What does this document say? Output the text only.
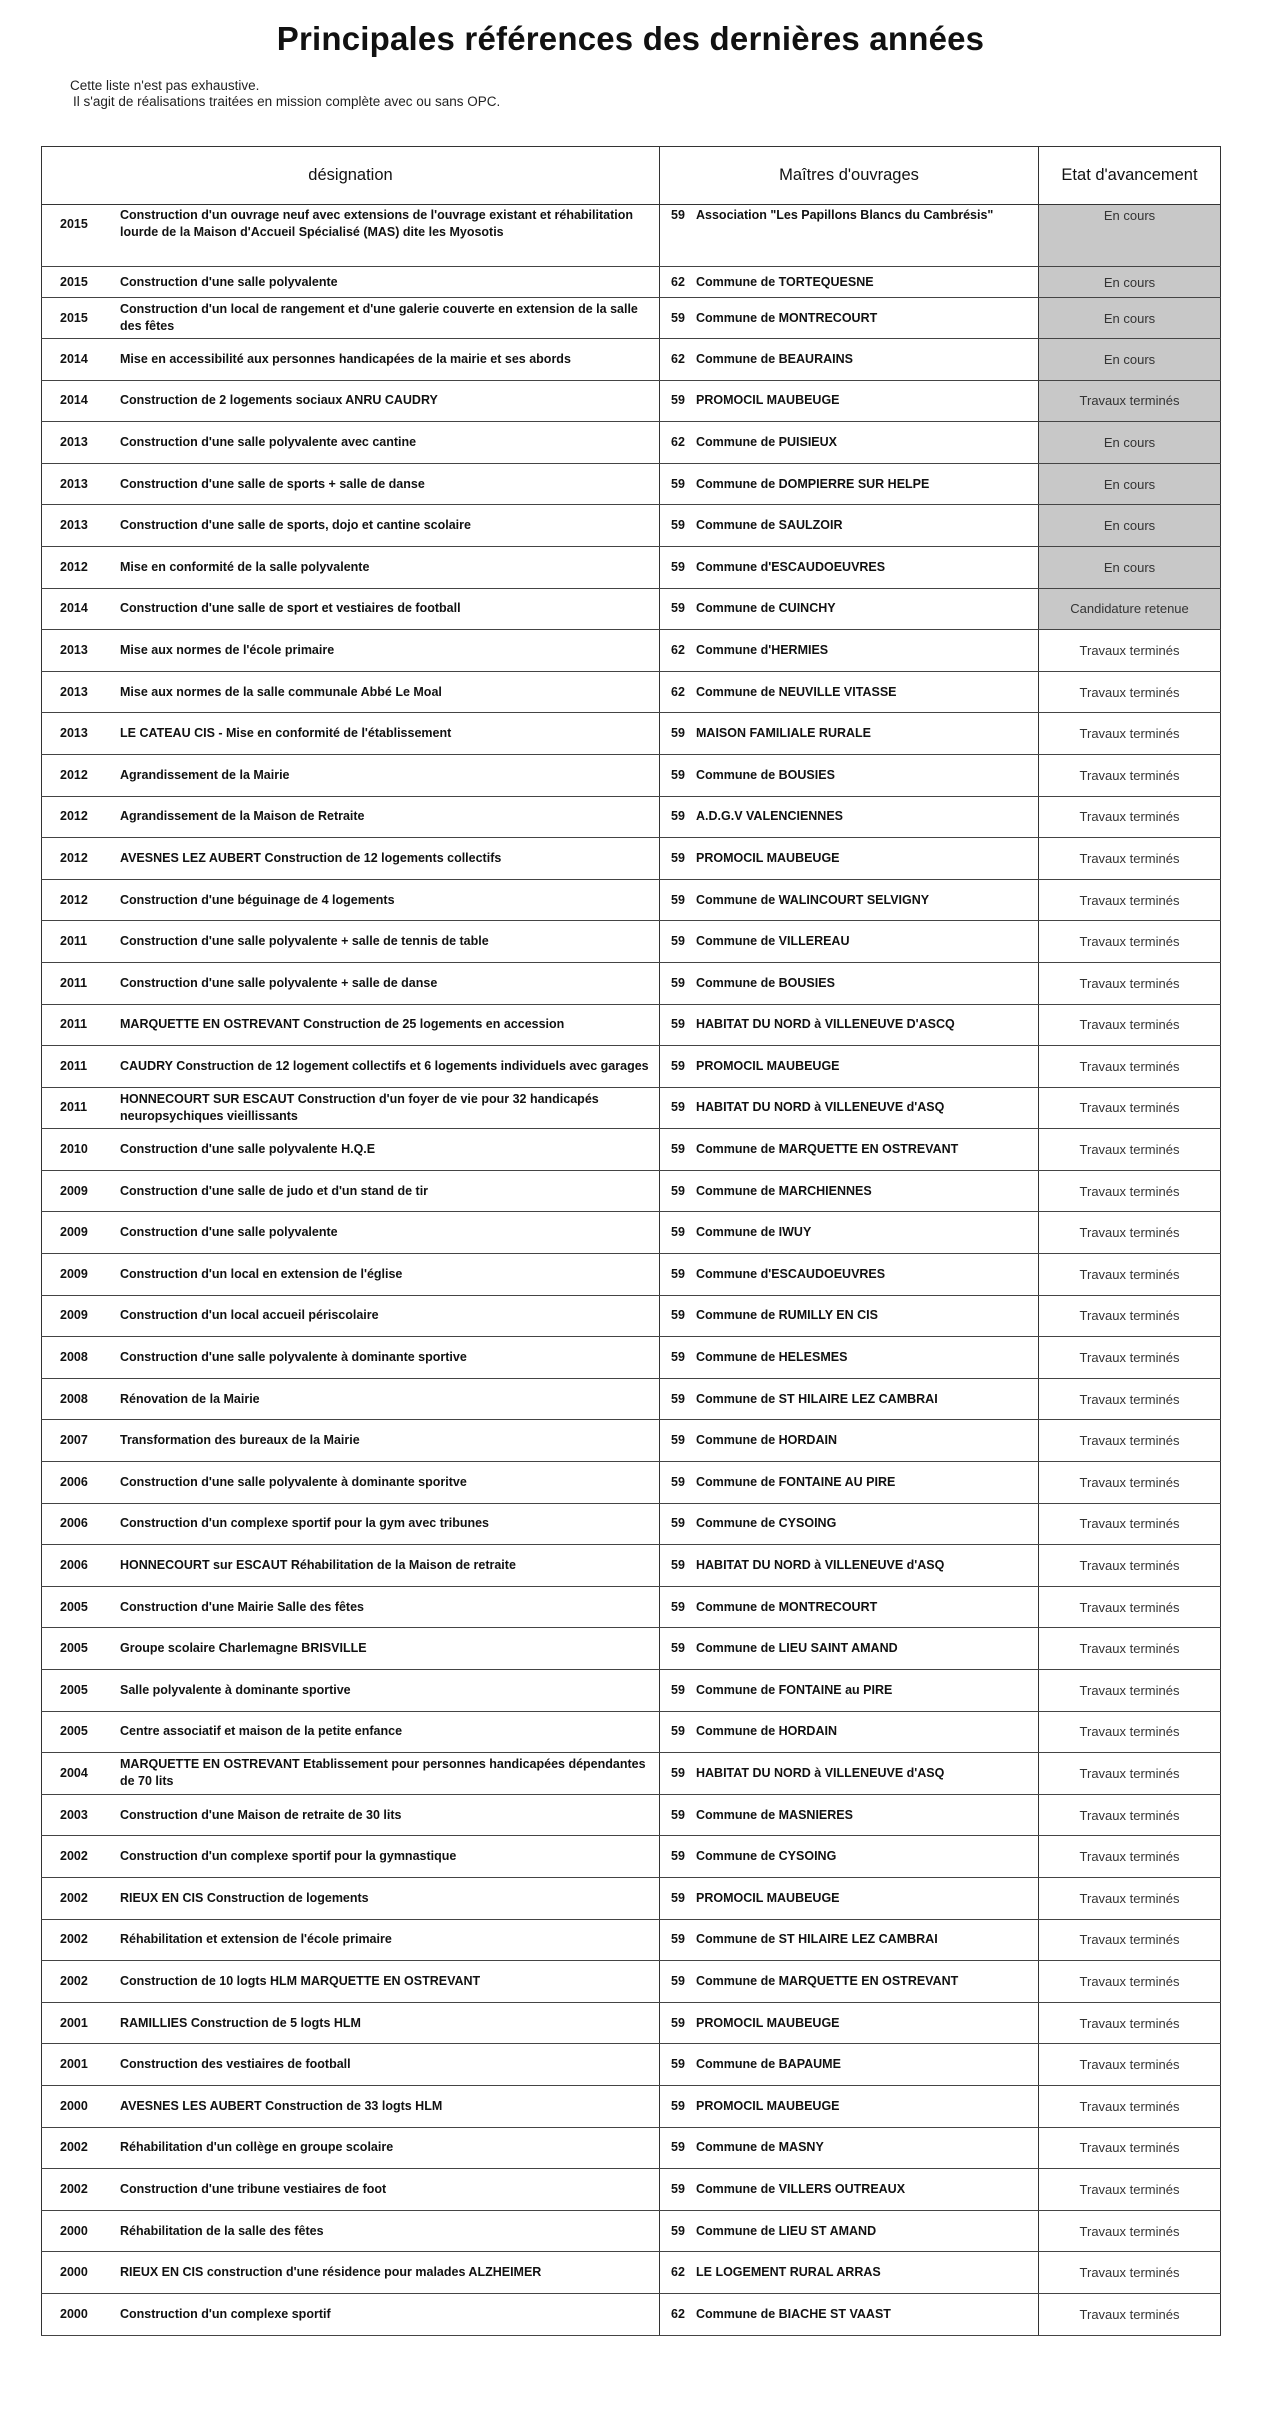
Principales références des dernières années
Cette liste n'est pas exhaustive.
Il s'agit de réalisations traitées en mission complète avec ou sans OPC.
désignation	Maîtres d'ouvrages	Etat d'avancement

2015
Construction d'un ouvrage neuf avec extensions de l'ouvrage existant et réhabilitation lourde de la Maison d'Accueil Spécialisé (MAS) dite les Myosotis	59 Association "Les Papillons Blancs du Cambrésis"	En cours

2015 Construction d'une salle polyvalente	62 Commune de TORTEQUESNE	En cours

2015
Construction d'un local de rangement et d'une galerie couverte en extension de la salle des fêtes	59 Commune de MONTRECOURT	En cours

2014 Mise en accessibilité aux personnes handicapées de la mairie et ses abords	62 Commune de BEAURAINS	En cours

2014 Construction de 2 logements sociaux ANRU CAUDRY	59 PROMOCIL MAUBEUGE	Travaux terminés

2013 Construction d'une salle polyvalente avec cantine	62 Commune de PUISIEUX	En cours

2013 Construction d'une salle de sports + salle de danse	59 Commune de DOMPIERRE SUR HELPE	En cours

2013 Construction d'une salle de sports, dojo et cantine scolaire	59 Commune de SAULZOIR	En cours

2012 Mise en conformité de la salle polyvalente	59 Commune d'ESCAUDOEUVRES	En cours

2014 Construction d'une salle de sport et vestiaires de football	59 Commune de CUINCHY	Candidature retenue

2013 Mise aux normes de l'école primaire	62 Commune d'HERMIES	Travaux terminés

2013 Mise aux normes de la salle communale Abbé Le Moal	62 Commune de NEUVILLE VITASSE	Travaux terminés

2013 LE CATEAU CIS - Mise en conformité de l'établissement	59 MAISON FAMILIALE RURALE	Travaux terminés

2012 Agrandissement de la Mairie	59 Commune de BOUSIES	Travaux terminés

2012 Agrandissement de la Maison de Retraite	59 A.D.G.V VALENCIENNES	Travaux terminés

2012 AVESNES LEZ AUBERT Construction de 12 logements collectifs	59 PROMOCIL MAUBEUGE	Travaux terminés

2012 Construction d'une béguinage de 4 logements	59 Commune de WALINCOURT SELVIGNY	Travaux terminés

2011 Construction d'une salle polyvalente + salle de tennis de table	59 Commune de VILLEREAU	Travaux terminés

2011 Construction d'une salle polyvalente + salle de danse	59 Commune de BOUSIES	Travaux terminés

2011 MARQUETTE EN OSTREVANT Construction de 25 logements en accession	59 HABITAT DU NORD à VILLENEUVE D'ASCQ	Travaux terminés

2011 CAUDRY Construction de 12 logement collectifs et 6 logements individuels avec garages	59 PROMOCIL MAUBEUGE	Travaux terminés

2011
HONNECOURT SUR ESCAUT Construction d'un foyer de vie pour 32 handicapés neuropsychiques vieillissants	59 HABITAT DU NORD à VILLENEUVE d'ASQ	Travaux terminés

2010 Construction d'une salle polyvalente H.Q.E	59 Commune de MARQUETTE EN OSTREVANT	Travaux terminés

2009 Construction d'une salle de judo et d'un stand de tir	59 Commune de MARCHIENNES	Travaux terminés

2009 Construction d'une salle polyvalente	59 Commune de IWUY	Travaux terminés

2009 Construction d'un local en extension de l'église	59 Commune d'ESCAUDOEUVRES	Travaux terminés

2009 Construction d'un local accueil périscolaire	59 Commune de RUMILLY EN CIS	Travaux terminés

2008 Construction d'une salle polyvalente à dominante sportive	59 Commune de HELESMES	Travaux terminés

2008 Rénovation de la Mairie	59 Commune de ST HILAIRE LEZ CAMBRAI	Travaux terminés

2007 Transformation des bureaux de la Mairie	59 Commune de HORDAIN	Travaux terminés

2006 Construction d'une salle polyvalente à dominante sporitve	59 Commune de FONTAINE AU PIRE	Travaux terminés

2006 Construction d'un complexe sportif pour la gym avec tribunes	59 Commune de CYSOING	Travaux terminés

2006 HONNECOURT sur ESCAUT Réhabilitation de la Maison de retraite	59 HABITAT DU NORD à VILLENEUVE d'ASQ	Travaux terminés

2005 Construction d'une Mairie Salle des fêtes	59 Commune de MONTRECOURT	Travaux terminés

2005 Groupe scolaire Charlemagne BRISVILLE	59 Commune de LIEU SAINT AMAND	Travaux terminés

2005 Salle polyvalente à dominante sportive	59 Commune de FONTAINE au PIRE	Travaux terminés

2005 Centre associatif et maison de la petite enfance	59 Commune de HORDAIN	Travaux terminés

2004
MARQUETTE EN OSTREVANT Etablissement pour personnes handicapées dépendantes de 70 lits	59 HABITAT DU NORD à VILLENEUVE d'ASQ	Travaux terminés

2003 Construction d'une Maison de retraite de 30 lits	59 Commune de MASNIERES	Travaux terminés

2002 Construction d'un complexe sportif pour la gymnastique	59 Commune de CYSOING	Travaux terminés

2002 RIEUX EN CIS Construction de logements	59 PROMOCIL MAUBEUGE	Travaux terminés

2002 Réhabilitation et extension de l'école primaire	59 Commune de ST HILAIRE LEZ CAMBRAI	Travaux terminés

2002 Construction de 10 logts HLM MARQUETTE EN OSTREVANT	59 Commune de MARQUETTE EN OSTREVANT	Travaux terminés

2001 RAMILLIES Construction de 5 logts HLM	59 PROMOCIL MAUBEUGE	Travaux terminés

2001 Construction des vestiaires de football	59 Commune de BAPAUME	Travaux terminés

2000 AVESNES LES AUBERT Construction de 33 logts HLM	59 PROMOCIL MAUBEUGE	Travaux terminés

2002 Réhabilitation d'un collège en groupe scolaire	59 Commune de MASNY	Travaux terminés

2002 Construction d'une tribune vestiaires de foot	59 Commune de VILLERS OUTREAUX	Travaux terminés

2000 Réhabilitation de la salle des fêtes	59 Commune de LIEU ST AMAND	Travaux terminés

2000 RIEUX EN CIS construction d'une résidence pour malades ALZHEIMER	62 LE LOGEMENT RURAL ARRAS	Travaux terminés

2000 Construction d'un complexe sportif	62 Commune de BIACHE ST VAAST	Travaux terminés
